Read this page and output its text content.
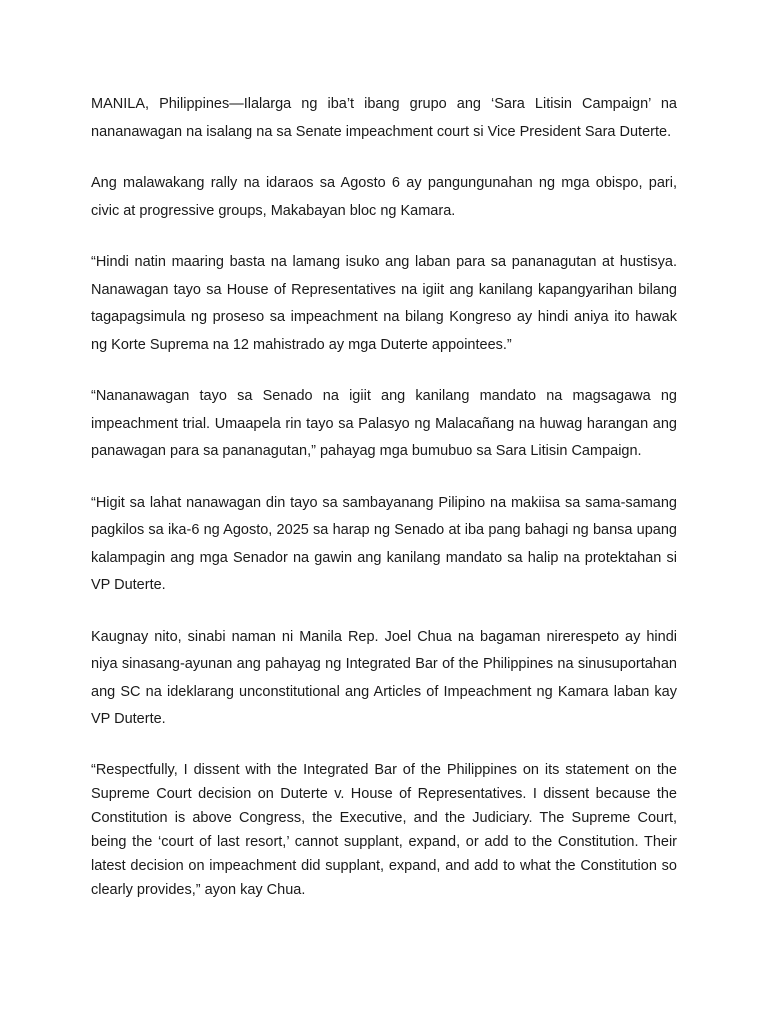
MANILA, Philippines—Ilalarga ng iba’t ibang grupo ang ‘Sara Litisin Campaign’ na nananawagan na isalang na sa Senate impeachment court si Vice President Sara Duterte.

Ang malawakang rally na idaraos sa Agosto 6 ay pangungunahan ng mga obispo, pari, civic at progressive groups, Makabayan bloc ng Kamara.

“Hindi natin maaring basta na lamang isuko ang laban para sa pananagutan at hustisya. Nanawagan tayo sa House of Representatives na igiit ang kanilang kapangyarihan bilang tagapagsimula ng proseso sa impeachment na bilang Kongreso ay hindi aniya ito hawak ng Korte Suprema na 12 mahistrado ay mga Duterte appointees.”

“Nananawagan tayo sa Senado na igiit ang kanilang mandato na magsagawa ng impeachment trial. Umaapela rin tayo sa Palasyo ng Malacañang na huwag harangan ang panawagan para sa pananagutan,” pahayag mga bumubuo sa Sara Litisin Campaign.

“Higit sa lahat nanawagan din tayo sa sambayanang Pilipino na makiisa sa sama-samang pagkilos sa ika-6 ng Agosto, 2025 sa harap ng Senado at iba pang bahagi ng bansa upang kalampagin ang mga Senador na gawin ang kanilang mandato sa halip na protektahan si VP Duterte.

Kaugnay nito, sinabi naman ni Manila Rep. Joel Chua na bagaman nirerespeto ay hindi niya sinasang-ayunan ang pahayag ng Integrated Bar of the Philippines na sinusuportahan ang SC na ideklarang unconstitutional ang Articles of Impeachment ng Kamara laban kay VP Duterte.

“Respectfully, I dissent with the Integrated Bar of the Philippines on its statement on the Supreme Court decision on Duterte v. House of Representatives. I dissent because the Constitution is above Congress, the Executive, and the Judiciary. The Supreme Court, being the ‘court of last resort,’ cannot supplant, expand, or add to the Constitution. Their latest decision on impeachment did supplant, expand, and add to what the Constitution so clearly provides,” ayon kay Chua.
